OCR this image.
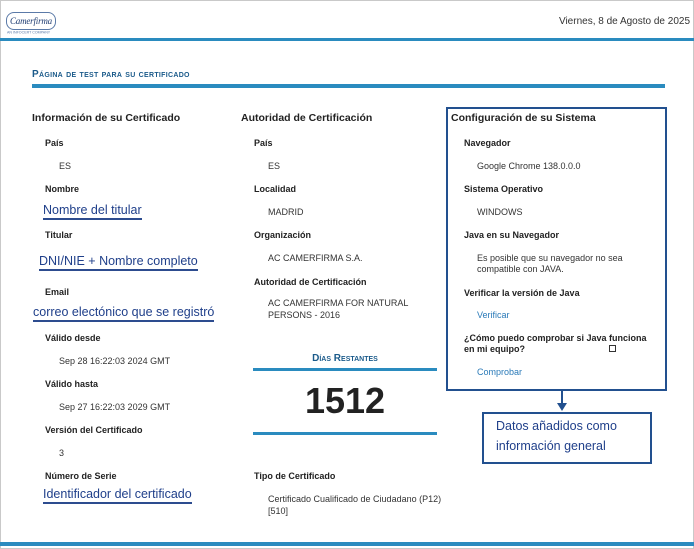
Camerfirma
AN INFOCERT COMPANY
Viernes, 8 de Agosto de 2025
Página de test para su certificado
Información de su Certificado
País
ES
Nombre
Nombre del titular
Titular
DNI/NIE + Nombre completo
Email
correo electónico que se registró
Válido desde
Sep 28 16:22:03 2024 GMT
Válido hasta
Sep 27 16:22:03 2029 GMT
Versión del Certificado
3
Número de Serie
Identificador del certificado
Autoridad de Certificación
País
ES
Localidad
MADRID
Organización
AC CAMERFIRMA S.A.
Autoridad de Certificación
AC CAMERFIRMA FOR NATURAL PERSONS - 2016
Días Restantes
1512
Tipo de Certificado
Certificado Cualificado de Ciudadano (P12) [510]
Configuración de su Sistema
Navegador
Google Chrome 138.0.0.0
Sistema Operativo
WINDOWS
Java en su Navegador
Es posible que su navegador no sea compatible con JAVA.
Verificar la versión de Java
Verificar
¿Cómo puedo comprobar si Java funciona en mi equipo?
Comprobar
Datos añadidos como
información general
